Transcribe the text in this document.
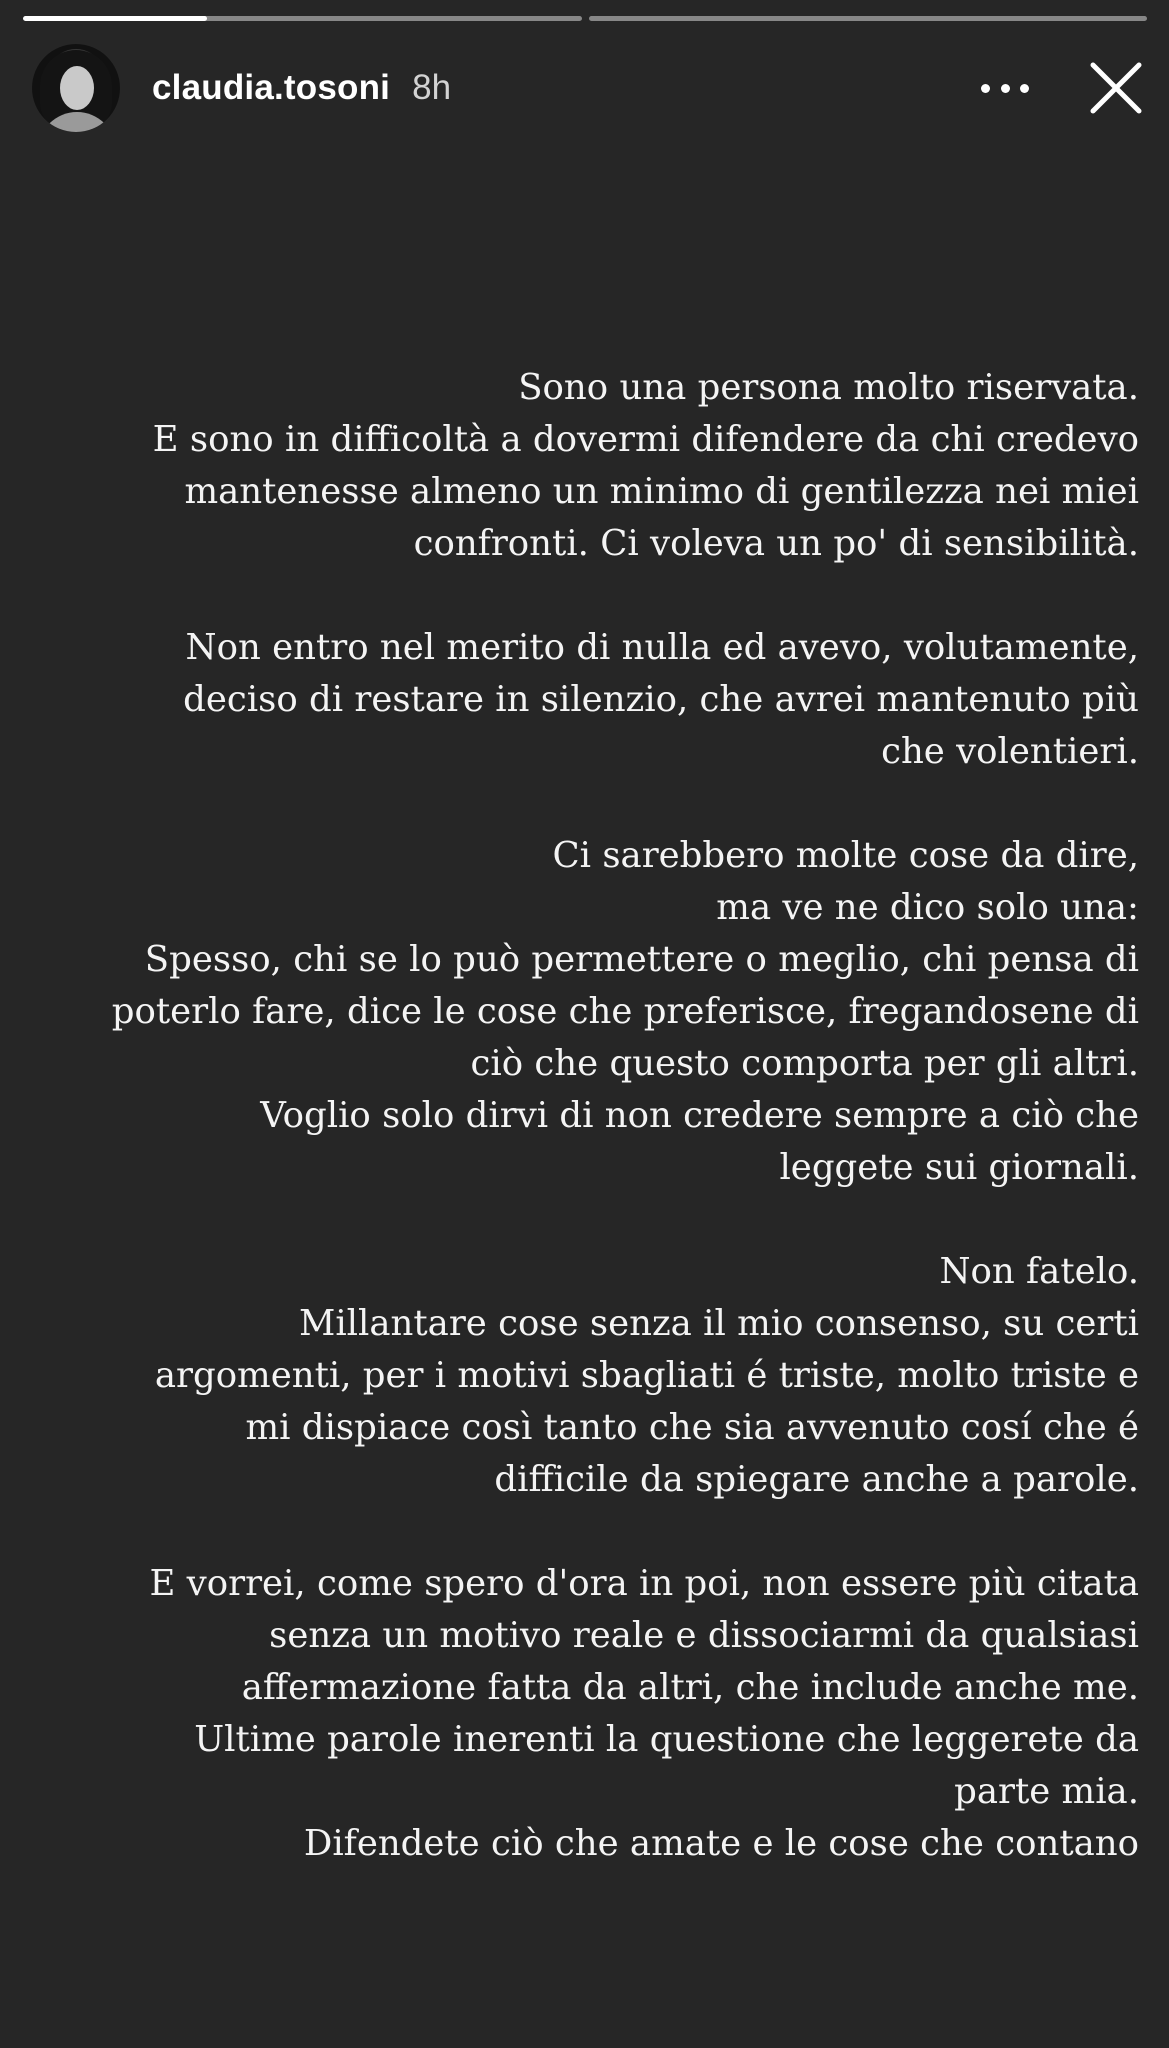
claudia.tosoni 8h

Sono una persona molto riservata.
E sono in difficoltà a dovermi difendere da chi credevo
mantenesse almeno un minimo di gentilezza nei miei
confronti. Ci voleva un po' di sensibilità.

Non entro nel merito di nulla ed avevo, volutamente,
deciso di restare in silenzio, che avrei mantenuto più
che volentieri.

Ci sarebbero molte cose da dire,
ma ve ne dico solo una:
Spesso, chi se lo può permettere o meglio, chi pensa di
poterlo fare, dice le cose che preferisce, fregandosene di
ciò che questo comporta per gli altri.
Voglio solo dirvi di non credere sempre a ciò che
leggete sui giornali.

Non fatelo.
Millantare cose senza il mio consenso, su certi
argomenti, per i motivi sbagliati é triste, molto triste e
mi dispiace così tanto che sia avvenuto cosí che é
difficile da spiegare anche a parole.

E vorrei, come spero d'ora in poi, non essere più citata
senza un motivo reale e dissociarmi da qualsiasi
affermazione fatta da altri, che include anche me.
Ultime parole inerenti la questione che leggerete da
parte mia.
Difendete ciò che amate e le cose che contano
